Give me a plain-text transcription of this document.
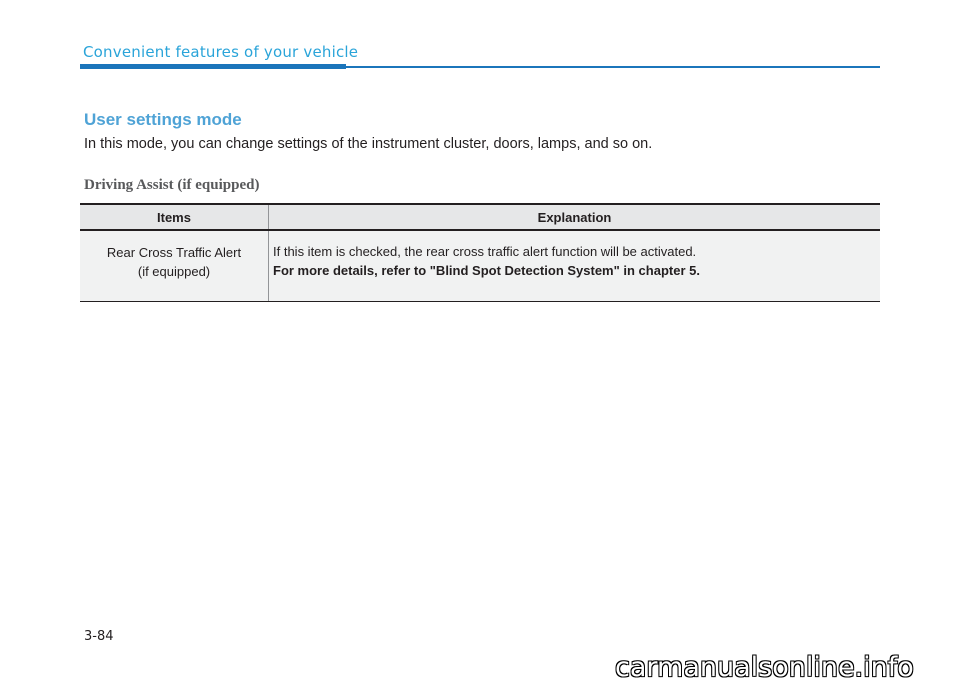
Convenient features of your vehicle
User settings mode
In this mode, you can change settings of the instrument cluster, doors, lamps, and so on.
Driving Assist (if equipped)
Items	Explanation

Rear Cross Traffic Alert
(if equipped)	If this item is checked, the rear cross traffic alert function will be activated.
For more details, refer to "Blind Spot Detection System" in chapter 5.
3-84
carmanualsonline.info
